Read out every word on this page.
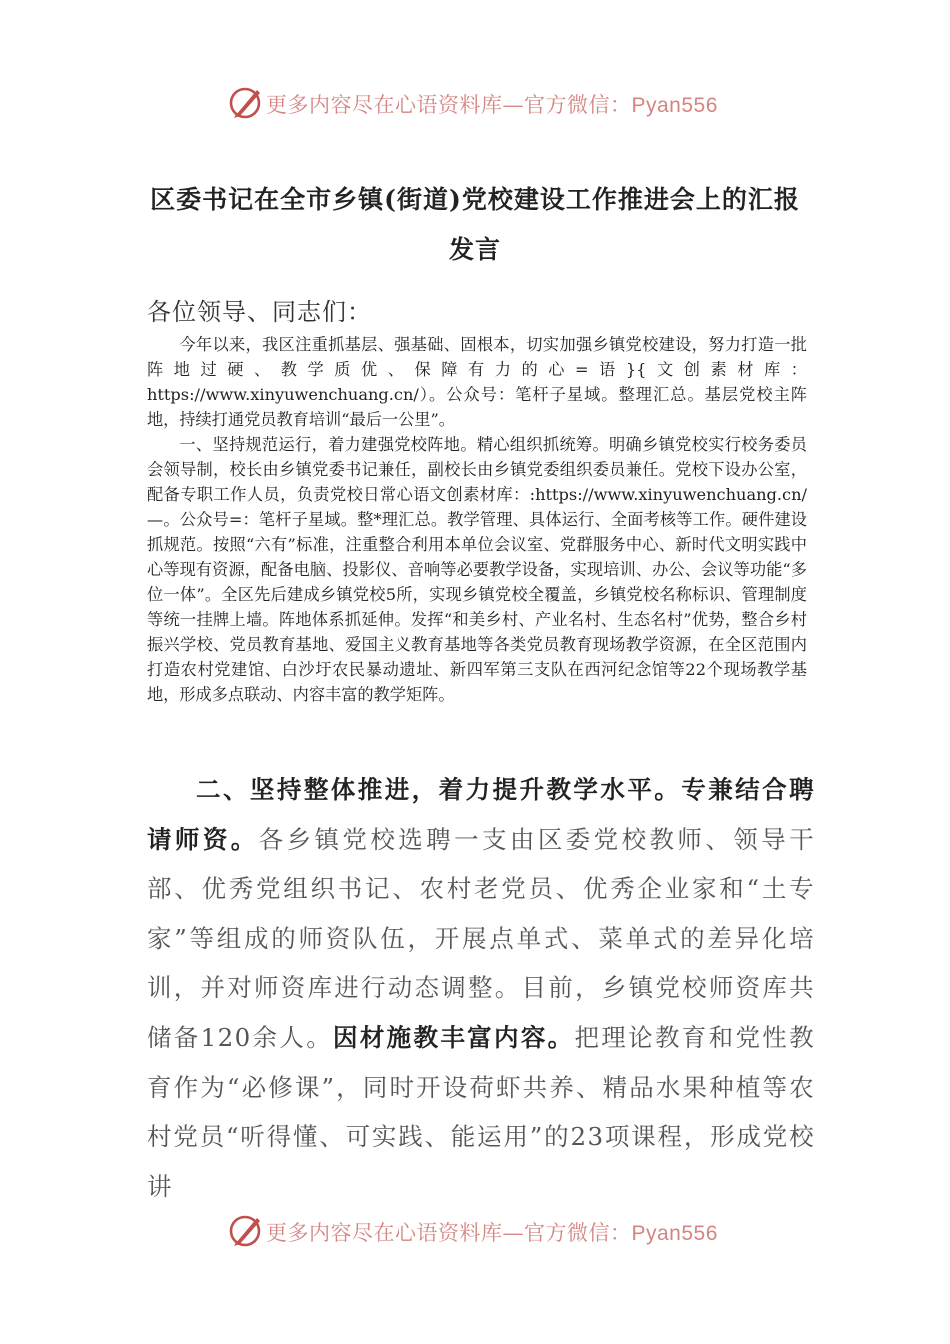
更多内容尽在心语资料库—官方微信：Pyan556
区委书记在全市乡镇(街道)党校建设工作推进会上的汇报
发言
各位领导、同志们：

今年以来，我区注重抓基层、强基础、固根本，切实加强乡镇党校建设，努力打造一批阵地过硬、教学质优、保障有力的心=语}{文创素材库：https://www.xinyuwenchuang.cn/）。公众号：笔杆子星域。整理汇总。基层党校主阵地，持续打通党员教育培训“最后一公里”。

一、坚持规范运行，着力建强党校阵地。精心组织抓统筹。明确乡镇党校实行校务委员会领导制，校长由乡镇党委书记兼任，副校长由乡镇党委组织委员兼任。党校下设办公室，配备专职工作人员，负责党校日常心语文创素材库：:https://www.xinyuwenchuang.cn/—。公众号=：笔杆子星域。整*理汇总。教学管理、具体运行、全面考核等工作。硬件建设抓规范。按照“六有”标准，注重整合利用本单位会议室、党群服务中心、新时代文明实践中心等现有资源，配备电脑、投影仪、音响等必要教学设备，实现培训、办公、会议等功能“多位一体”。全区先后建成乡镇党校5所，实现乡镇党校全覆盖，乡镇党校名称标识、管理制度等统一挂牌上墙。阵地体系抓延伸。发挥“和美乡村、产业名村、生态名村”优势，整合乡村振兴学校、党员教育基地、爱国主义教育基地等各类党员教育现场教学资源，在全区范围内打造农村党建馆、白沙圩农民暴动遗址、新四军第三支队在西河纪念馆等22个现场教学基地，形成多点联动、内容丰富的教学矩阵。

二、坚持整体推进，着力提升教学水平。专兼结合聘请师资。各乡镇党校选聘一支由区委党校教师、领导干部、优秀党组织书记、农村老党员、优秀企业家和“土专家”等组成的师资队伍，开展点单式、菜单式的差异化培训，并对师资库进行动态调整。目前，乡镇党校师资库共储备120余人。因材施教丰富内容。把理论教育和党性教育作为“必修课”，同时开设荷虾共养、精品水果种植等农村党员“听得懂、可实践、能运用”的23项课程，形成党校讲

更多内容尽在心语资料库—官方微信：Pyan556
